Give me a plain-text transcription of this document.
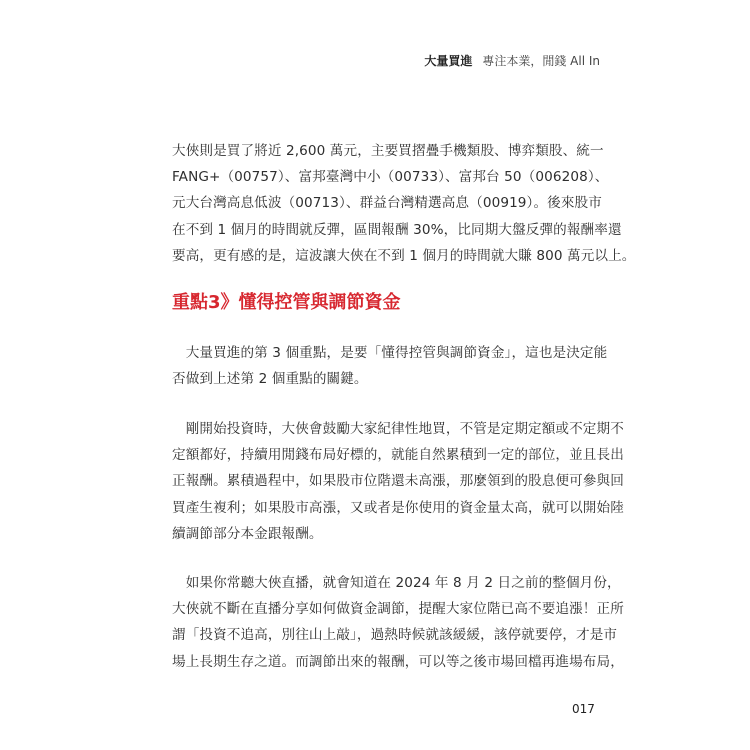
大量買進 專注本業，閒錢 All In

大俠則是買了將近 2,600 萬元，主要買摺疊手機類股、博弈類股、統一
FANG+（00757）、富邦臺灣中小（00733）、富邦台 50（006208）、
元大台灣高息低波（00713）、群益台灣精選高息（00919）。後來股市
在不到 1 個月的時間就反彈，區間報酬 30%，比同期大盤反彈的報酬率還
要高，更有感的是，這波讓大俠在不到 1 個月的時間就大賺 800 萬元以上。

重點3》懂得控管與調節資金

　大量買進的第 3 個重點，是要「懂得控管與調節資金」，這也是決定能
否做到上述第 2 個重點的關鍵。

　剛開始投資時，大俠會鼓勵大家紀律性地買，不管是定期定額或不定期不
定額都好，持續用閒錢布局好標的，就能自然累積到一定的部位，並且長出
正報酬。累積過程中，如果股市位階還未高漲，那麼領到的股息便可參與回
買產生複利；如果股市高漲，又或者是你使用的資金量太高，就可以開始陸
續調節部分本金跟報酬。

　如果你常聽大俠直播，就會知道在 2024 年 8 月 2 日之前的整個月份，
大俠就不斷在直播分享如何做資金調節，提醒大家位階已高不要追漲！正所
謂「投資不追高，別往山上敲」，過熱時候就該緩緩，該停就要停，才是市
場上長期生存之道。而調節出來的報酬，可以等之後市場回檔再進場布局，

017
